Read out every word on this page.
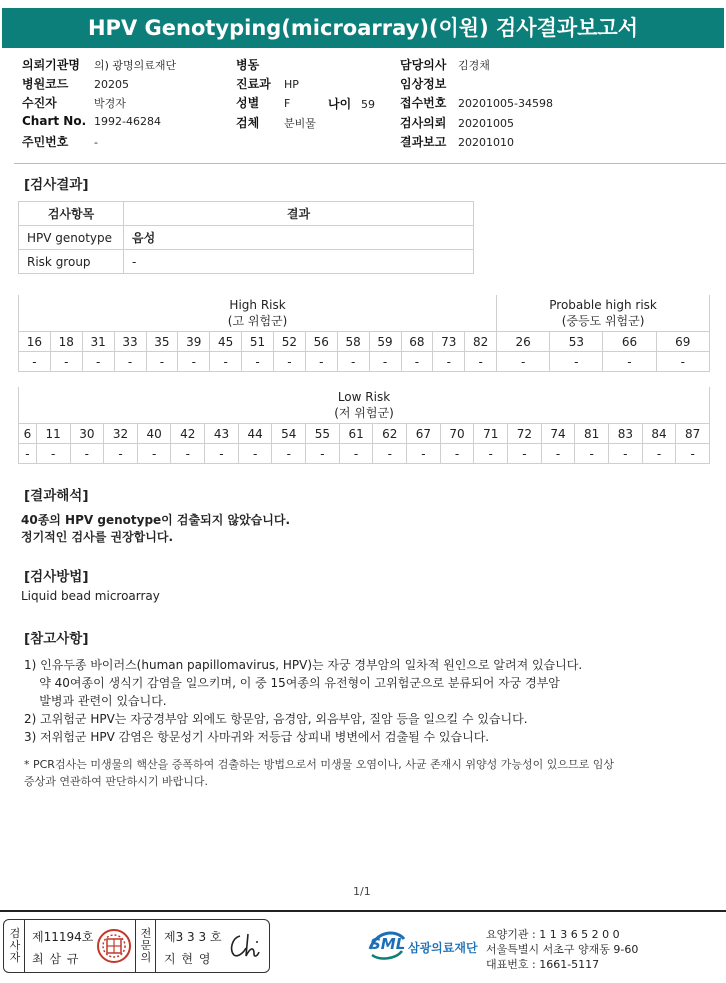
HPV Genotyping(microarray)(이원) 검사결과보고서
의뢰기관명 의) 광명의료재단
병원코드 20205
수진자	박경자
Chart No. 1992-46284
주민번호 -
병동
진료과 HP
성별 F
검체 분비물
나이 59
담당의사 김경채
임상정보
접수번호 20201005-34598
검사의뢰 20201005
결과보고 20201010
[검사결과]
검사항목	결과
HPV genotype	음성
Risk group	-
High Risk
(고 위험군)															Probable high risk
(중등도 위험군)			
16	18	31	33	35	39	45	51	52	56	58	59	68	73	82	26	53	66	69
-	-	-	-	-	-	-	-	-	-	-	-	-	-	-	-	-	-	-
Low Risk
(저 위험군)																				
6	11	30	32	40	42	43	44	54	55	61	62	67	70	71	72	74	81	83	84	87
-	-	-	-	-	-	-	-	-	-	-	-	-	-	-	-	-	-	-	-	-
[결과해석]
40종의 HPV genotype이 검출되지 않았습니다.
정기적인 검사를 권장합니다.
[검사방법]
Liquid bead microarray
[참고사항]
1) 인유두종 바이러스(human papillomavirus, HPV)는 자궁 경부암의 일차적 원인으로 알려져 있습니다.
약 40여종이 생식기 감염을 일으키며, 이 중 15여종의 유전형이 고위험군으로 분류되어 자궁 경부암
발병과 관련이 있습니다.
2) 고위험군 HPV는 자궁경부암 외에도 항문암, 음경암, 외음부암, 질암 등을 일으킬 수 있습니다.
3) 저위험군 HPV 감염은 항문성기 사마귀와 저등급 상피내 병변에서 검출될 수 있습니다.
* PCR검사는 미생물의 핵산을 증폭하여 검출하는 방법으로서 미생물 오염이나, 사균 존재시 위양성 가능성이 있으므로 임상
증상과 연관하여 판단하시기 바랍니다.
1/1
검
사
자
제11194호
최 삼 규
전
문
의
제3 3 3 호
지 현 영
SML 삼광의료재단
요양기관 : 1 1 3 6 5 2 0 0
서울특별시 서초구 양재동 9-60
대표번호 : 1661-5117
